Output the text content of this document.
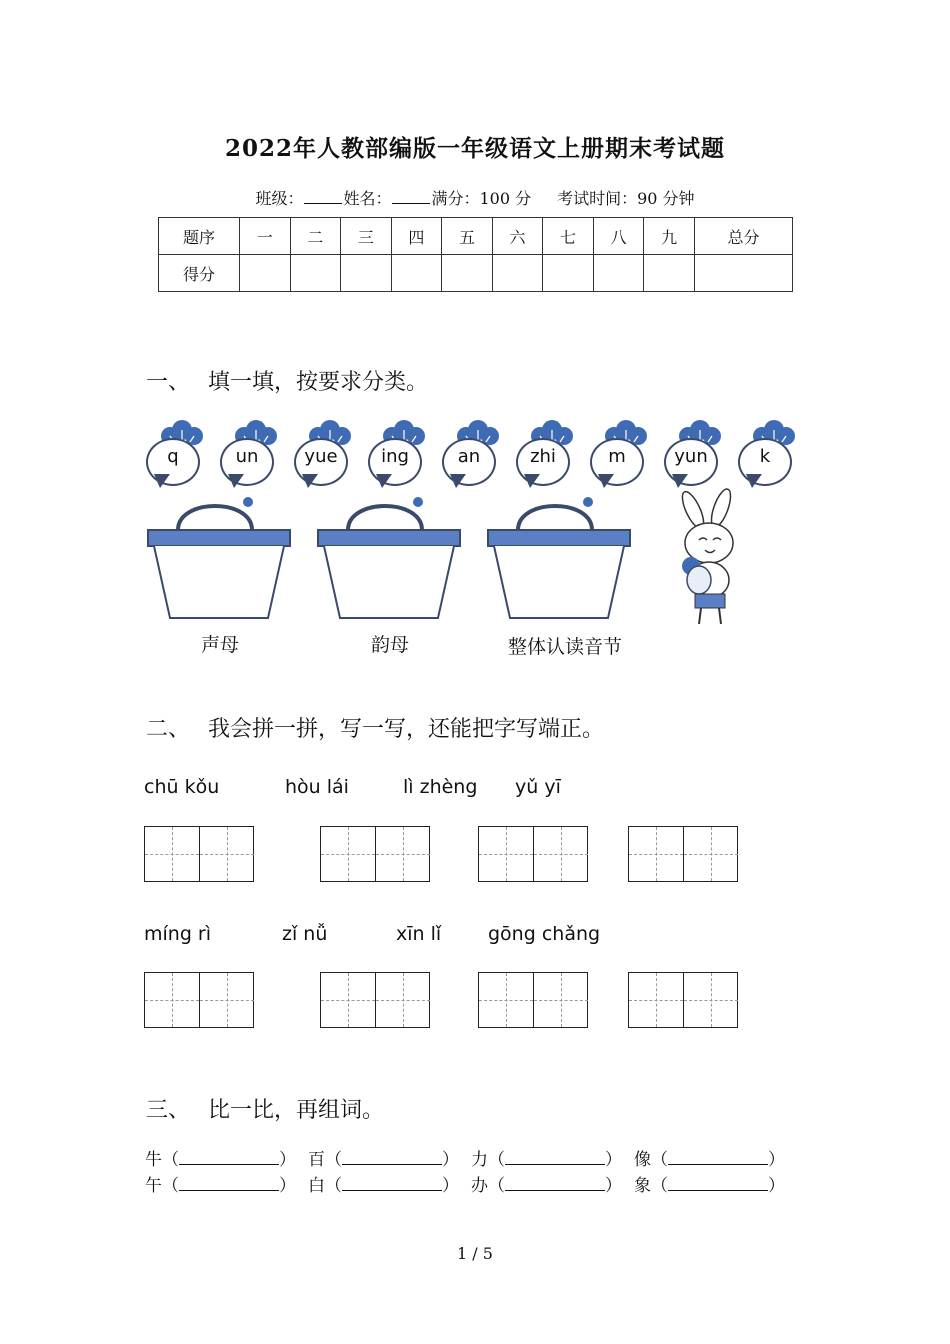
2022年人教部编版一年级语文上册期末考试题
班级：	姓名：	满分：100 分 考试时间：90 分钟
题序	一	二	三	四	五	六	七	八	九	总分
得分										
一、 填一填，按要求分类。
q	un	yue	ing	an	zhi	m	yun	k
声母	韵母	整体认读音节
二、 我会拼一拼，写一写，还能把字写端正。
chū kǒu	hòu lái	lì zhèng yǔ yī
míng rì	zǐ nǚ	xīn lǐ gōng chǎng
三、 比一比，再组词。
牛（	） 百（	） 力（	） 像（	）
午（	） 白（	） 办（	） 象（	）
1 / 5
